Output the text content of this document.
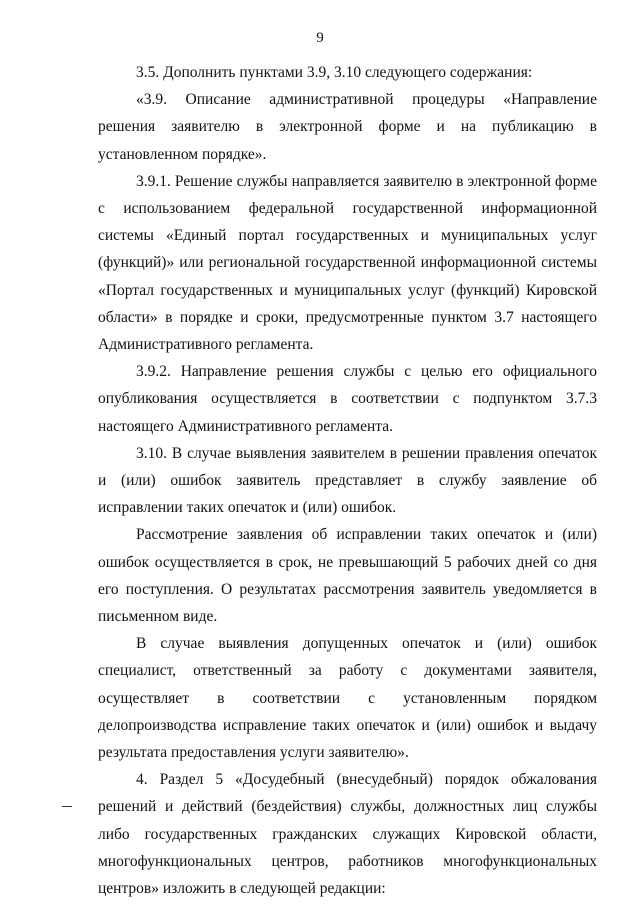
9

3.5. Дополнить пунктами 3.9, 3.10 следующего содержания:

«3.9. Описание административной процедуры «Направление решения заявителю в электронной форме и на публикацию в установленном порядке».

3.9.1. Решение службы направляется заявителю в электронной форме с использованием федеральной государственной информационной системы «Единый портал государственных и муниципальных услуг (функций)» или региональной государственной информационной системы «Портал государственных и муниципальных услуг (функций) Кировской области» в порядке и сроки, предусмотренные пунктом 3.7 настоящего Административного регламента.

3.9.2. Направление решения службы с целью его официального опубликования осуществляется в соответствии с подпунктом 3.7.3 настоящего Административного регламента.

3.10. В случае выявления заявителем в решении правления опечаток и (или) ошибок заявитель представляет в службу заявление об исправлении таких опечаток и (или) ошибок.

Рассмотрение заявления об исправлении таких опечаток и (или) ошибок осуществляется в срок, не превышающий 5 рабочих дней со дня его поступления. О результатах рассмотрения заявитель уведомляется в письменном виде.

В случае выявления допущенных опечаток и (или) ошибок специалист, ответственный за работу с документами заявителя, осуществляет в соответствии с установленным порядком делопроизводства исправление таких опечаток и (или) ошибок и выдачу результата предоставления услуги заявителю».

4. Раздел 5 «Досудебный (внесудебный) порядок обжалования решений и действий (бездействия) службы, должностных лиц службы либо государственных гражданских служащих Кировской области, многофункциональных центров, работников многофункциональных центров» изложить в следующей редакции:
